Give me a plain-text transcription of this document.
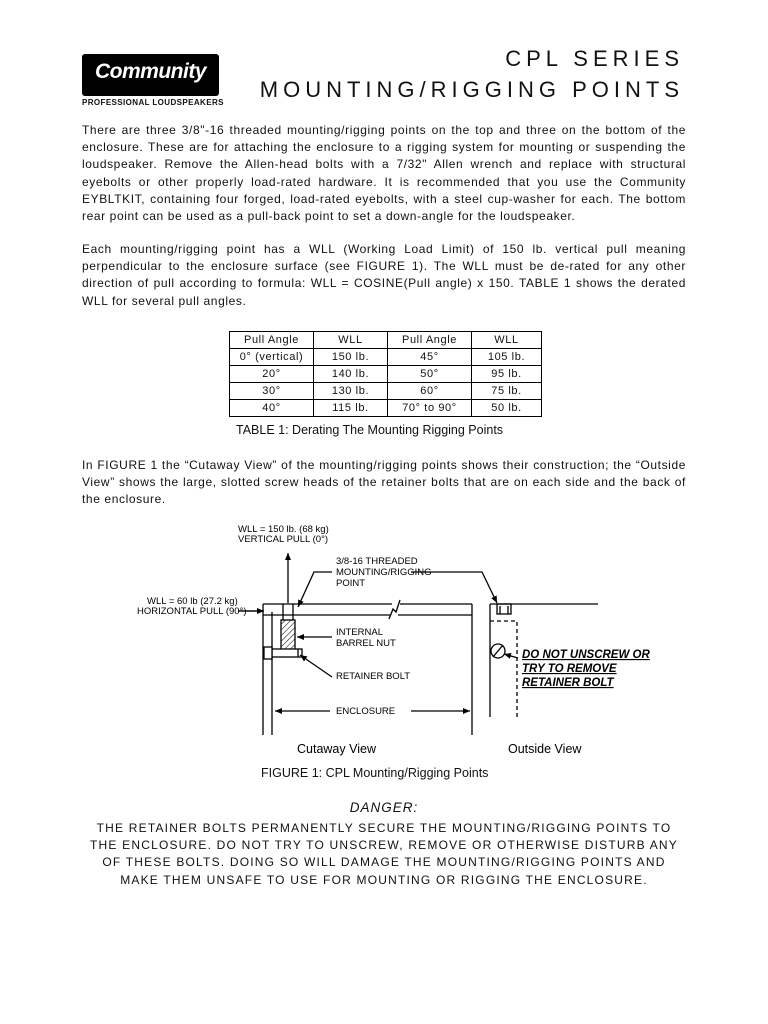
Community
PROFESSIONAL LOUDSPEAKERS
CPL SERIES
MOUNTING/RIGGING POINTS
There are three 3/8"-16 threaded mounting/rigging points on the top and three on the bottom of the enclosure. These are for attaching the enclosure to a rigging system for mounting or suspending the loudspeaker. Remove the Allen-head bolts with a 7/32" Allen wrench and replace with structural eyebolts or other properly load-rated hardware. It is recommended that you use the Community EYBLTKIT, containing four forged, load-rated eyebolts, with a steel cup-washer for each. The bottom rear point can be used as a pull-back point to set a down-angle for the loudspeaker.
Each mounting/rigging point has a WLL (Working Load Limit) of 150 lb. vertical pull meaning perpendicular to the enclosure surface (see FIGURE 1). The WLL must be de-rated for any other direction of pull according to formula: WLL = COSINE(Pull angle) x 150. TABLE 1 shows the derated WLL for several pull angles.
Pull Angle	WLL	Pull Angle	WLL
0° (vertical)	150 lb.	45°	105 lb.
20°	140 lb.	50°	95 lb.
30°	130 lb.	60°	75 lb.
40°	115 lb.	70° to 90°	50 lb.
TABLE 1: Derating The Mounting Rigging Points
In FIGURE 1 the “Cutaway View” of the mounting/rigging points shows their construction; the “Outside View” shows the large, slotted screw heads of the retainer bolts that are on each side and the back of the enclosure.
WLL = 150 lb. (68 kg)
VERTICAL PULL (0°)
WLL = 60 lb (27.2 kg)
HORIZONTAL PULL (90°)
3/8-16 THREADED
MOUNTING/RIGGING
POINT
INTERNAL
BARREL NUT
RETAINER BOLT
ENCLOSURE
DO NOT UNSCREW OR
TRY TO REMOVE
RETAINER BOLT
Cutaway View	Outside View
FIGURE 1: CPL Mounting/Rigging Points
DANGER:
THE RETAINER BOLTS PERMANENTLY SECURE THE MOUNTING/RIGGING POINTS TO THE ENCLOSURE. DO NOT TRY TO UNSCREW, REMOVE OR OTHERWISE DISTURB ANY OF THESE BOLTS. DOING SO WILL DAMAGE THE MOUNTING/RIGGING POINTS AND MAKE THEM UNSAFE TO USE FOR MOUNTING OR RIGGING THE ENCLOSURE.
